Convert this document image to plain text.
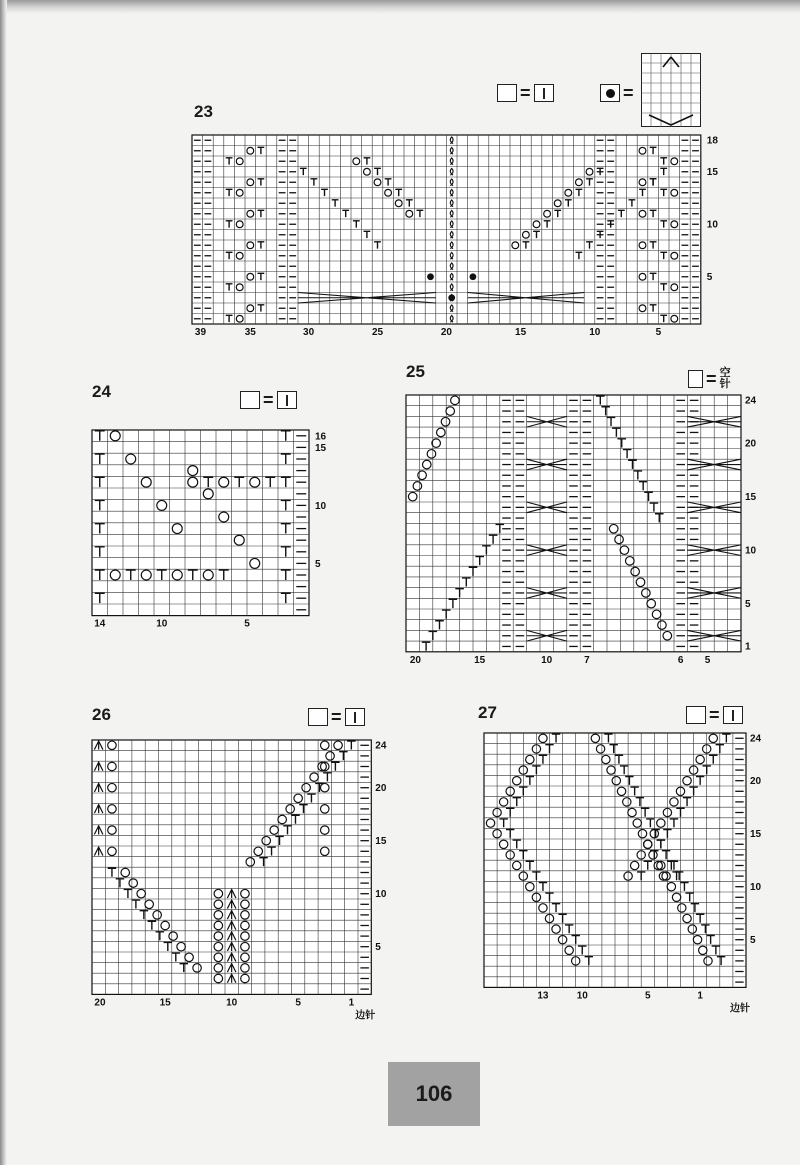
23
=	=
39	35	30	25	20	15	10	5
18
15
10
5
24	=
14	10	5
16
15
10
5
25	= 空针
20	15	10	7	6 5
24
20
15
10
5
1
26	=
20	15	10	5	1
24
20
15
10
5
边针
27	=
13	10	5	1
24
20
15
10
5
边针
106
